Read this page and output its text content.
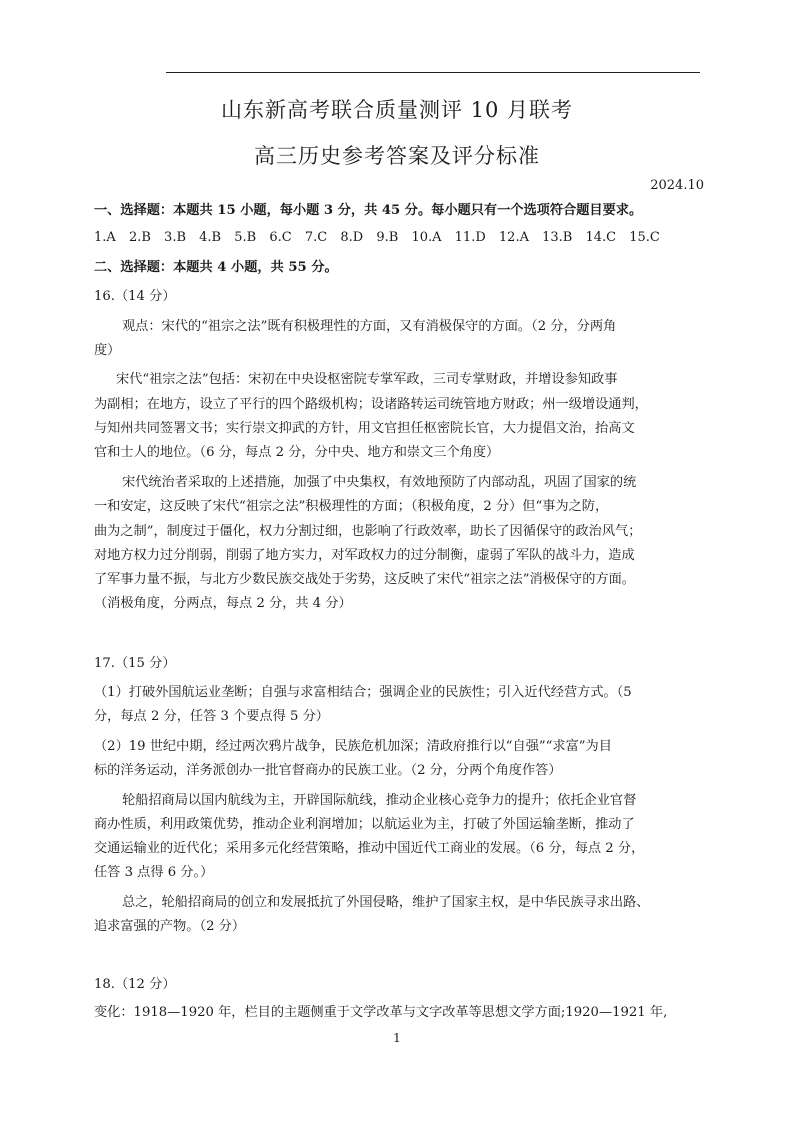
山东新高考联合质量测评 10 月联考
高三历史参考答案及评分标准
2024.10
一、选择题：本题共 15 小题，每小题 3 分，共 45 分。每小题只有一个选项符合题目要求。
1.A 2.B 3.B 4.B 5.B 6.C 7.C 8.D 9.B 10.A 11.D 12.A 13.B 14.C 15.C
二、选择题：本题共 4 小题，共 55 分。
16.（14 分）
观点：宋代的“祖宗之法”既有积极理性的方面，又有消极保守的方面。（2 分，分两角
度）
宋代“祖宗之法”包括：宋初在中央设枢密院专掌军政，三司专掌财政，并增设参知政事
为副相；在地方，设立了平行的四个路级机构；设诸路转运司统管地方财政；州一级增设通判，
与知州共同签署文书；实行崇文抑武的方针，用文官担任枢密院长官，大力提倡文治，抬高文
官和士人的地位。（6 分，每点 2 分，分中央、地方和崇文三个角度）
宋代统治者采取的上述措施，加强了中央集权，有效地预防了内部动乱，巩固了国家的统
一和安定，这反映了宋代“祖宗之法”积极理性的方面；（积极角度，2 分）但“事为之防，
曲为之制”，制度过于僵化，权力分割过细，也影响了行政效率，助长了因循保守的政治风气；
对地方权力过分削弱，削弱了地方实力，对军政权力的过分制衡，虚弱了军队的战斗力，造成
了军事力量不振，与北方少数民族交战处于劣势，这反映了宋代“祖宗之法”消极保守的方面。
（消极角度，分两点，每点 2 分，共 4 分）
17.（15 分）
（1）打破外国航运业垄断；自强与求富相结合；强调企业的民族性；引入近代经营方式。（5
分，每点 2 分，任答 3 个要点得 5 分）
（2）19 世纪中期，经过两次鸦片战争，民族危机加深；清政府推行以“自强”“求富”为目
标的洋务运动，洋务派创办一批官督商办的民族工业。（2 分，分两个角度作答）
轮船招商局以国内航线为主，开辟国际航线，推动企业核心竞争力的提升；依托企业官督
商办性质，利用政策优势，推动企业利润增加；以航运业为主，打破了外国运输垄断，推动了
交通运输业的近代化；采用多元化经营策略，推动中国近代工商业的发展。（6 分，每点 2 分，
任答 3 点得 6 分。）
总之，轮船招商局的创立和发展抵抗了外国侵略，维护了国家主权，是中华民族寻求出路、
追求富强的产物。（2 分）
18.（12 分）
变化：1918—1920 年，栏目的主题侧重于文学改革与文字改革等思想文学方面;1920—1921 年,
1
